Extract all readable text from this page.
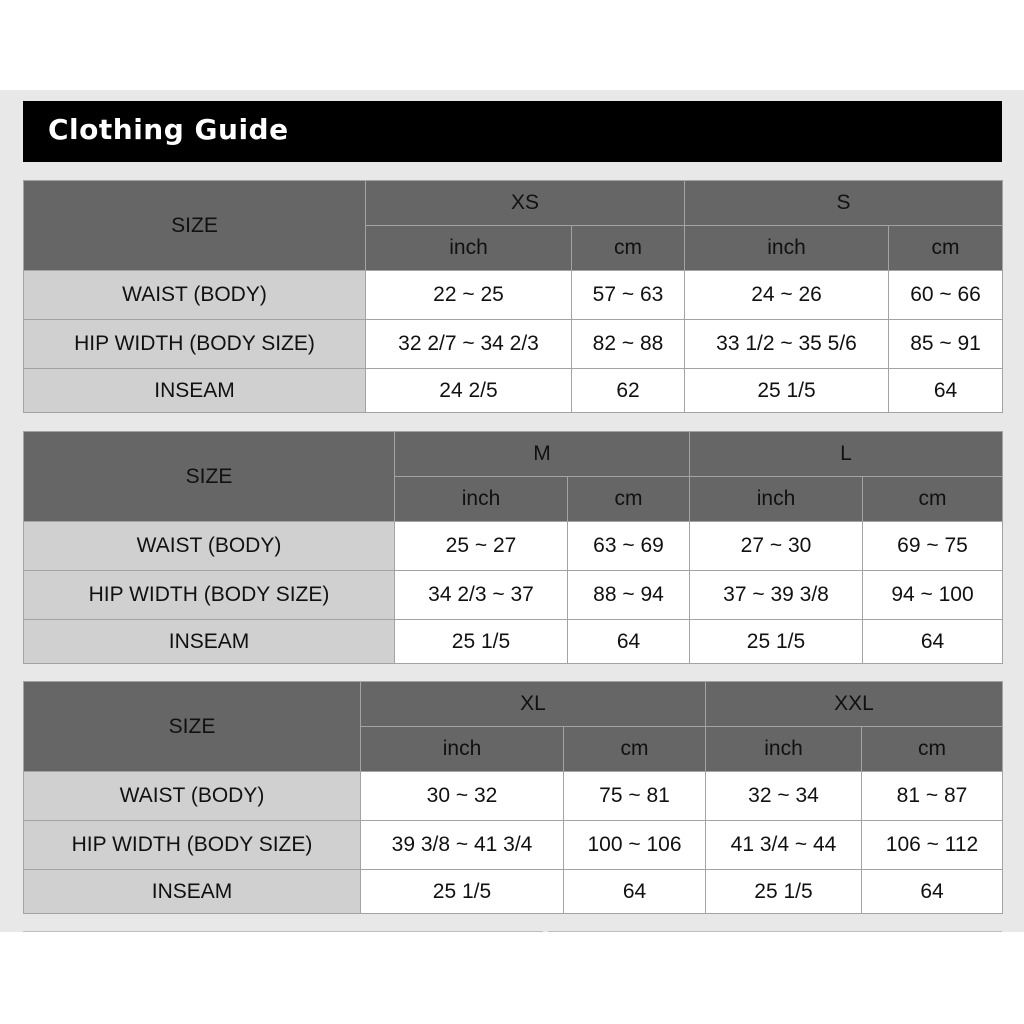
Clothing Guide
SIZE	XS		S	
	inch	cm	inch	cm
WAIST (BODY)	22 ~ 25	57 ~ 63	24 ~ 26	60 ~ 66
HIP WIDTH (BODY SIZE)	32 2/7 ~ 34 2/3	82 ~ 88	33 1/2 ~ 35 5/6	85 ~ 91
INSEAM	24 2/5	62	25 1/5	64
SIZE	M		L	
	inch	cm	inch	cm
WAIST (BODY)	25 ~ 27	63 ~ 69	27 ~ 30	69 ~ 75
HIP WIDTH (BODY SIZE)	34 2/3 ~ 37	88 ~ 94	37 ~ 39 3/8	94 ~ 100
INSEAM	25 1/5	64	25 1/5	64
SIZE	XL		XXL	
	inch	cm	inch	cm
WAIST (BODY)	30 ~ 32	75 ~ 81	32 ~ 34	81 ~ 87
HIP WIDTH (BODY SIZE)	39 3/8 ~ 41 3/4	100 ~ 106	41 3/4 ~ 44	106 ~ 112
INSEAM	25 1/5	64	25 1/5	64
